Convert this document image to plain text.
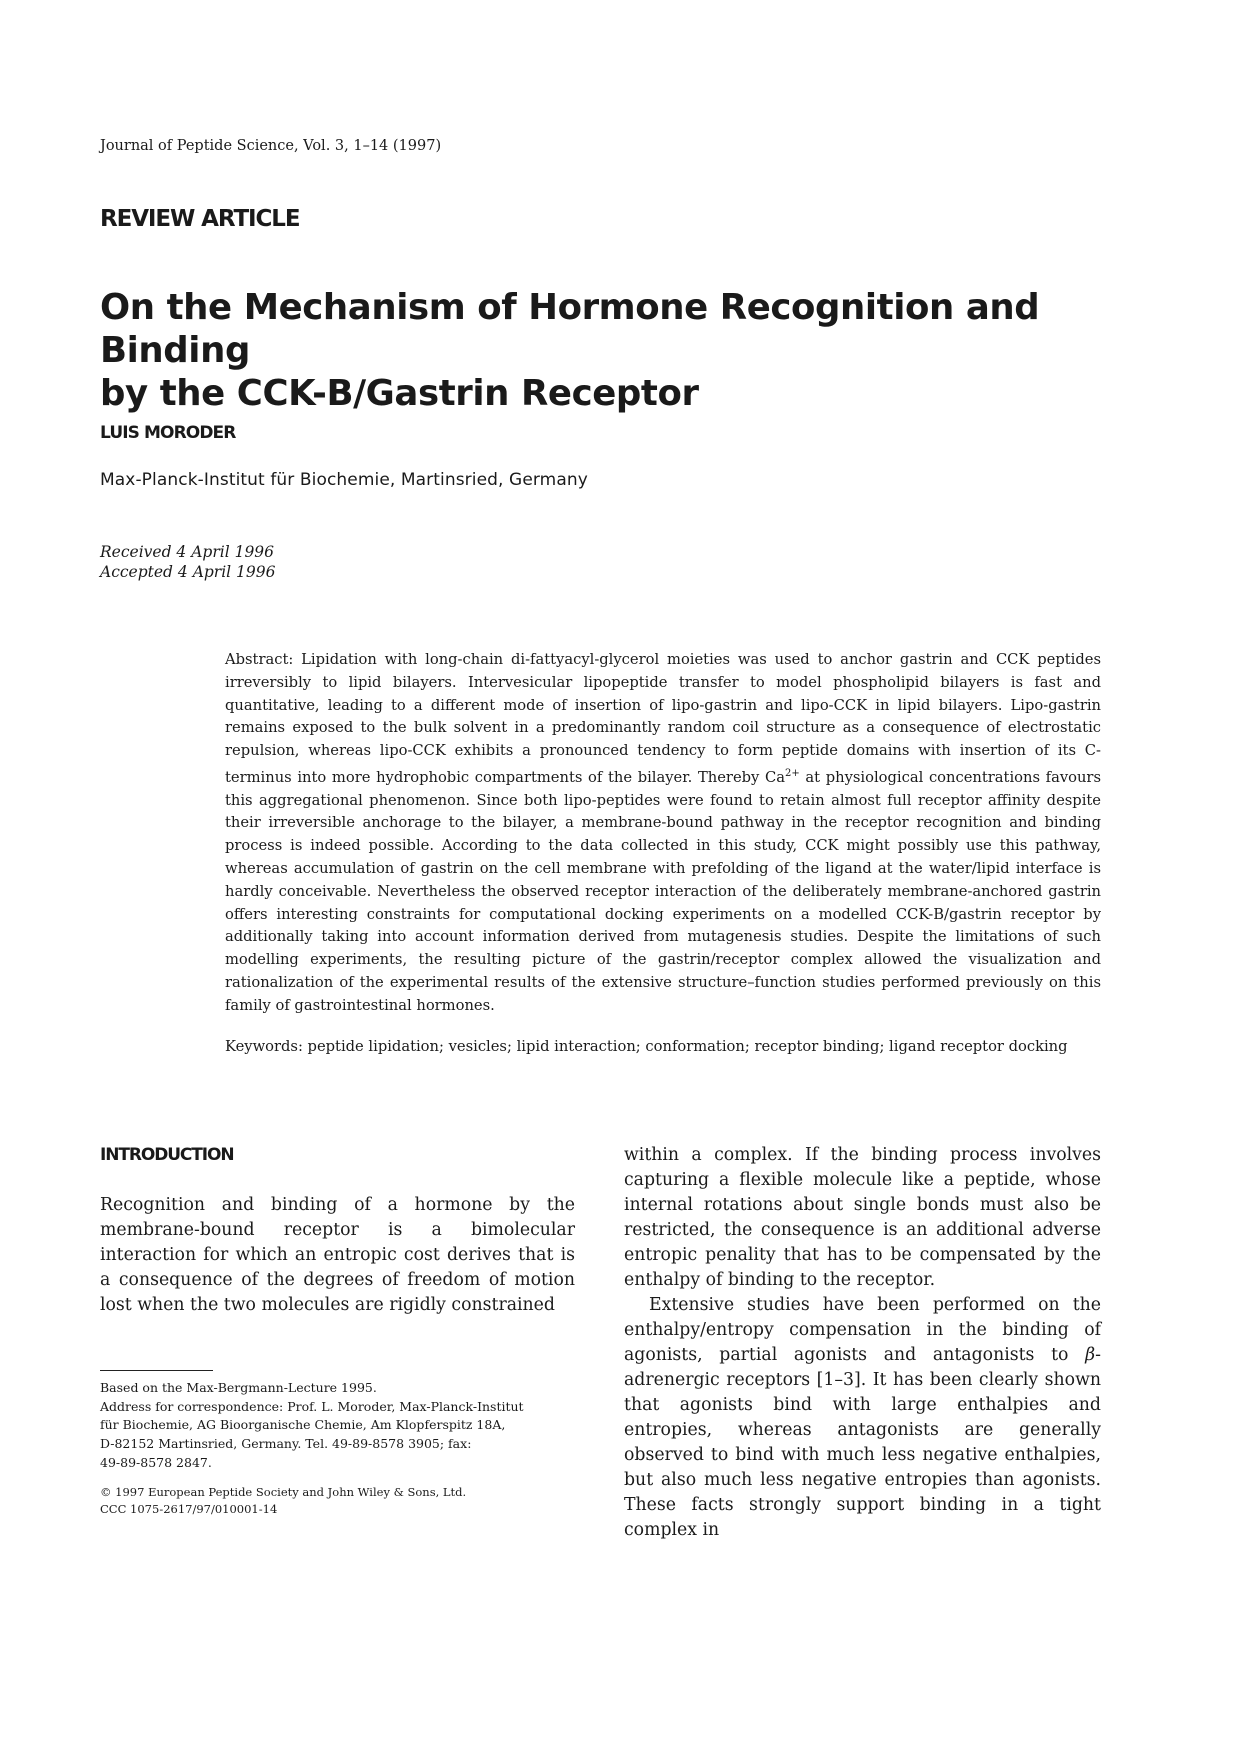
Journal of Peptide Science, Vol. 3, 1–14 (1997)
REVIEW ARTICLE
On the Mechanism of Hormone Recognition and Binding
by the CCK-B/Gastrin Receptor
LUIS MORODER
Max-Planck-Institut für Biochemie, Martinsried, Germany
Received 4 April 1996
Accepted 4 April 1996

Abstract: Lipidation with long-chain di-fattyacyl-glycerol moieties was used to anchor gastrin and CCK peptides irreversibly to lipid bilayers. Intervesicular lipopeptide transfer to model phospholipid bilayers is fast and quantitative, leading to a different mode of insertion of lipo-gastrin and lipo-CCK in lipid bilayers. Lipo-gastrin remains exposed to the bulk solvent in a predominantly random coil structure as a consequence of electrostatic repulsion, whereas lipo-CCK exhibits a pronounced tendency to form peptide domains with insertion of its C-terminus into more hydrophobic compartments of the bilayer. Thereby $Ca^{2+}$ at physiological concentrations favours this aggregational phenomenon. Since both lipo-peptides were found to retain almost full receptor affinity despite their irreversible anchorage to the bilayer, a membrane-bound pathway in the receptor recognition and binding process is indeed possible. According to the data collected in this study, CCK might possibly use this pathway, whereas accumulation of gastrin on the cell membrane with prefolding of the ligand at the water/lipid interface is hardly conceivable. Nevertheless the observed receptor interaction of the deliberately membrane-anchored gastrin offers interesting constraints for computational docking experiments on a modelled CCK-B/gastrin receptor by additionally taking into account information derived from mutagenesis studies. Despite the limitations of such modelling experiments, the resulting picture of the gastrin/receptor complex allowed the visualization and rationalization of the experimental results of the extensive structure–function studies performed previously on this family of gastrointestinal hormones.

Keywords: peptide lipidation; vesicles; lipid interaction; conformation; receptor binding; ligand receptor docking

INTRODUCTION

Recognition and binding of a hormone by the membrane-bound receptor is a bimolecular interaction for which an entropic cost derives that is a consequence of the degrees of freedom of motion lost when the two molecules are rigidly constrained

within a complex. If the binding process involves capturing a flexible molecule like a peptide, whose internal rotations about single bonds must also be restricted, the consequence is an additional adverse entropic penality that has to be compensated by the enthalpy of binding to the receptor.

Extensive studies have been performed on the enthalpy/entropy compensation in the binding of agonists, partial agonists and antagonists to β-adrenergic receptors [1–3]. It has been clearly shown that agonists bind with large enthalpies and entropies, whereas antagonists are generally observed to bind with much less negative enthalpies, but also much less negative entropies than agonists. These facts strongly support binding in a tight complex in

Based on the Max-Bergmann-Lecture 1995.

Address for correspondence: Prof. L. Moroder, Max-Planck-Institut

für Biochemie, AG Bioorganische Chemie, Am Klopferspitz 18A,

D-82152 Martinsried, Germany. Tel. 49-89-8578 3905; fax:

49-89-8578 2847.

© 1997 European Peptide Society and John Wiley & Sons, Ltd.

CCC 1075-2617/97/010001-14
